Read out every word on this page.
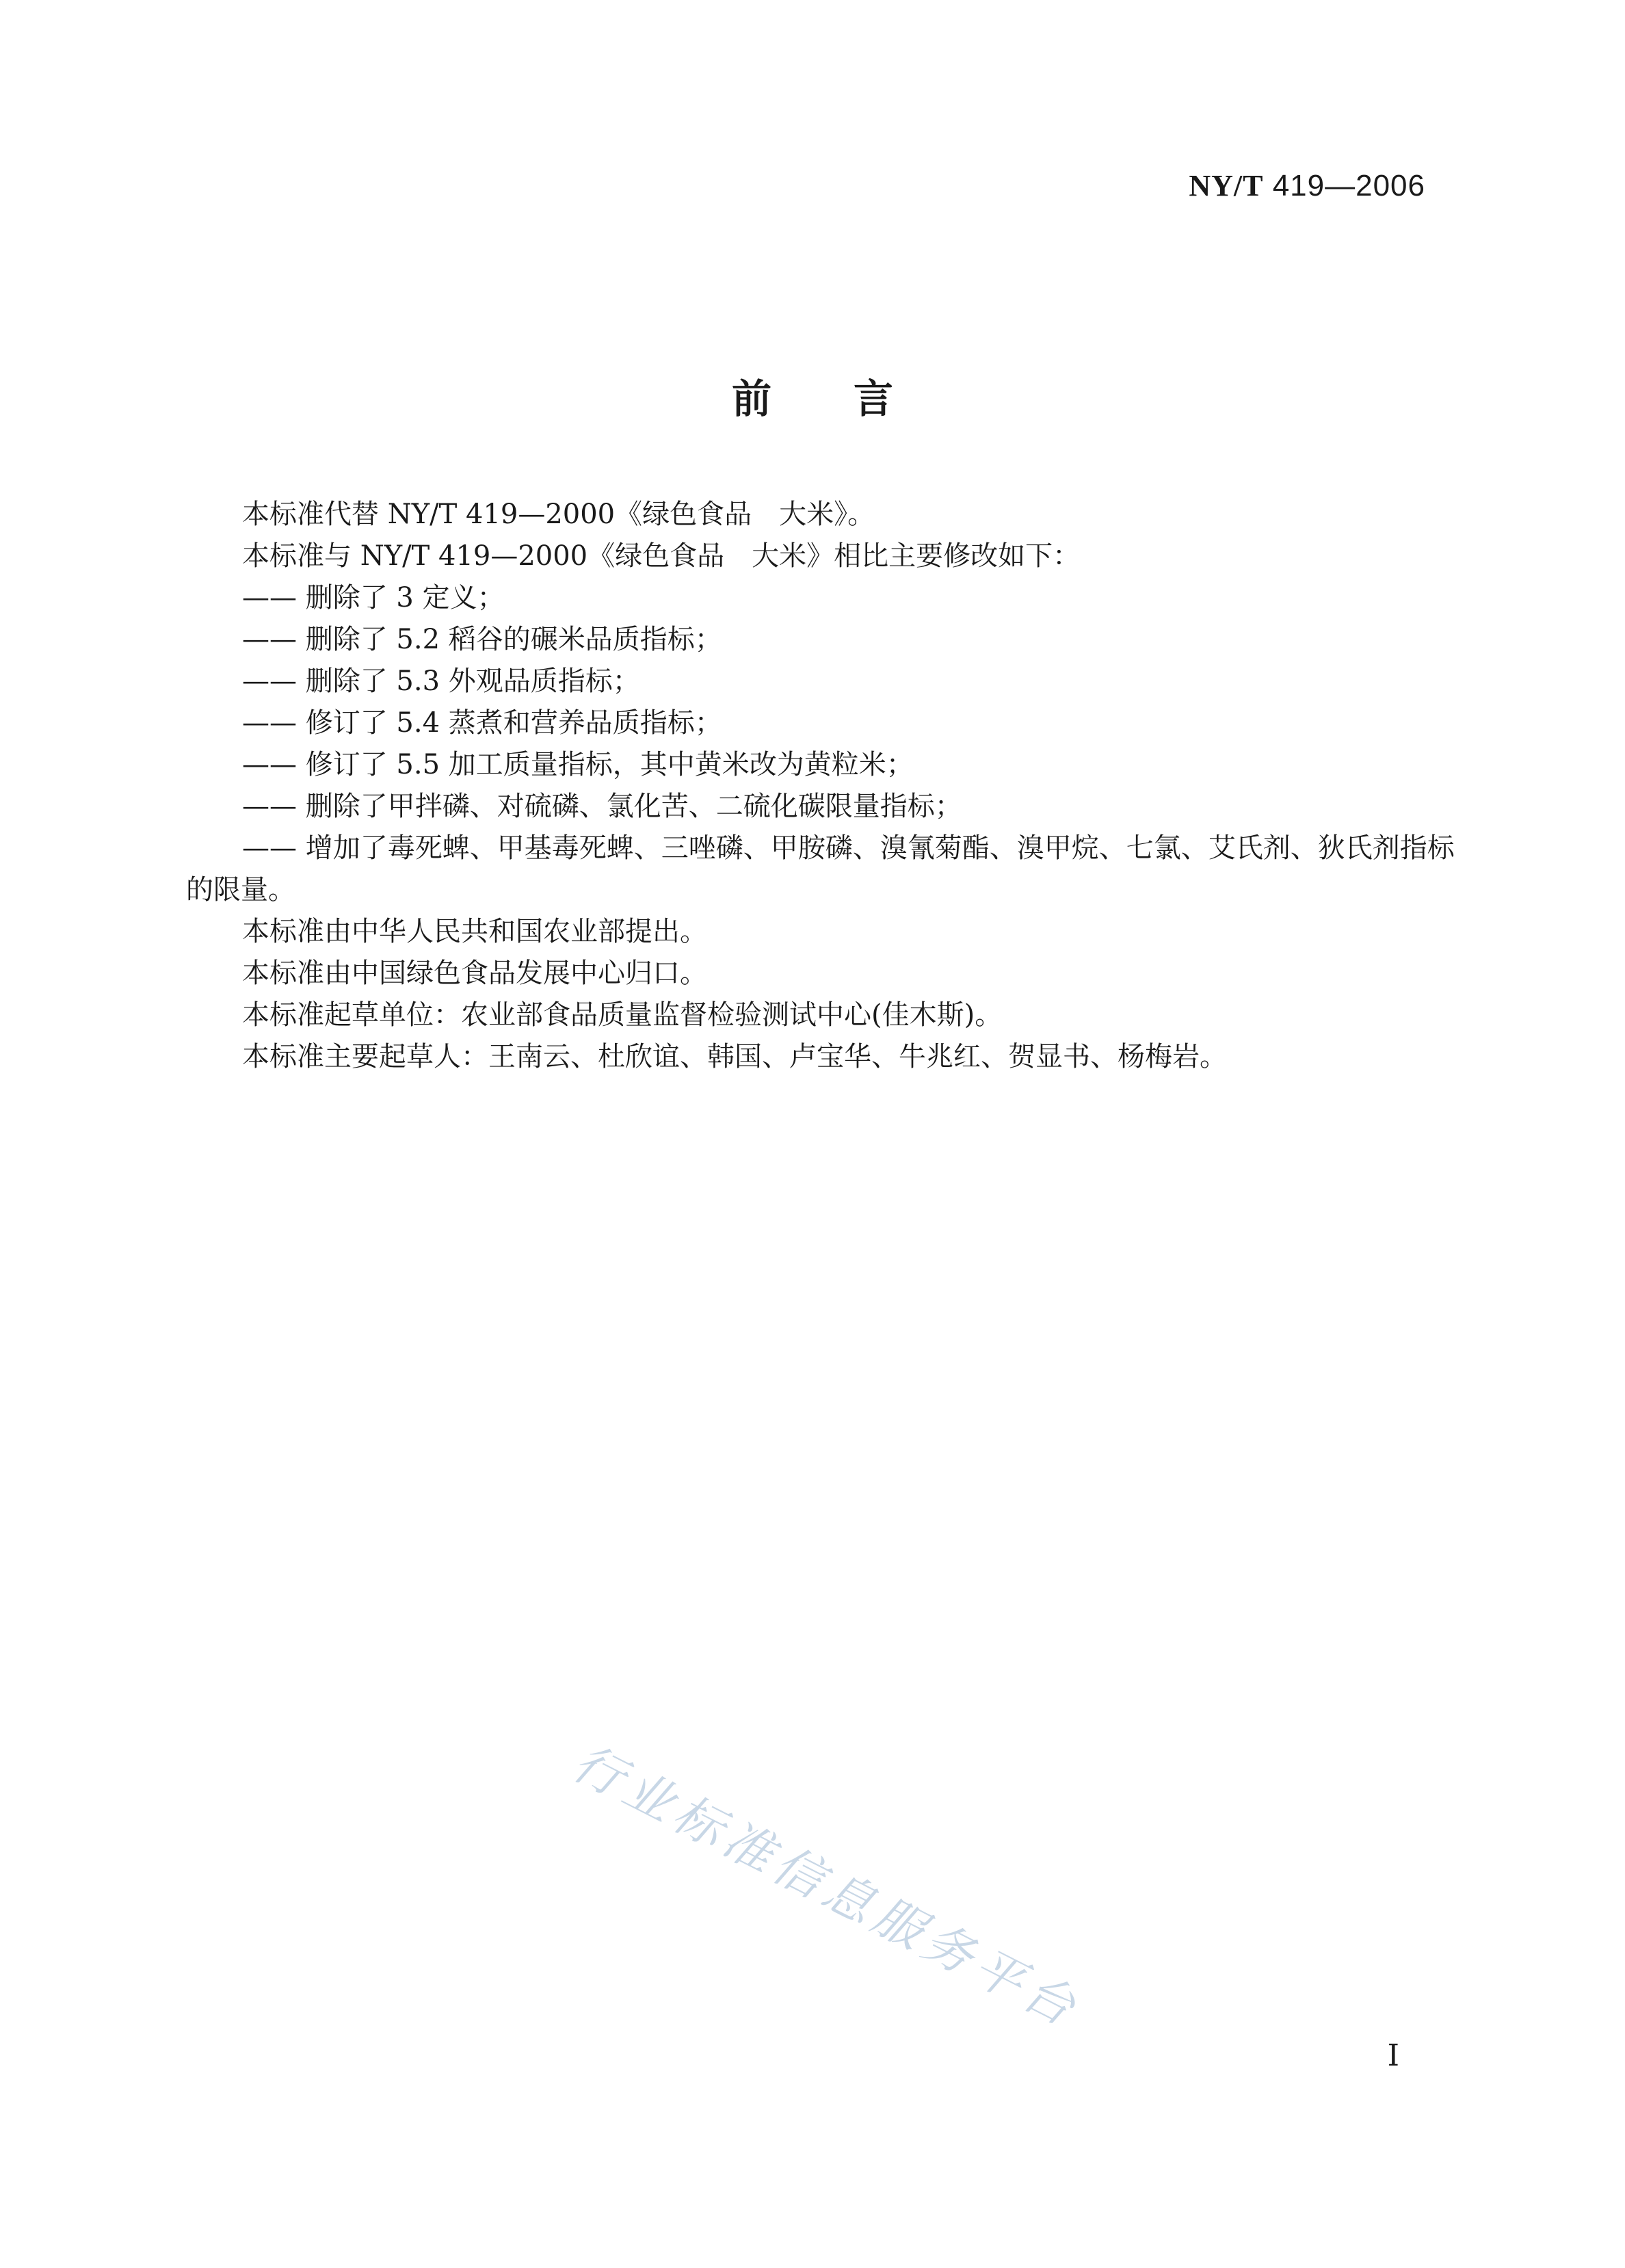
NY/T 419—2006
前言

本标准代替 NY/T 419—2000《绿色食品　大米》。

本标准与 NY/T 419—2000《绿色食品　大米》相比主要修改如下：

—— 删除了 3 定义；

—— 删除了 5.2 稻谷的碾米品质指标；

—— 删除了 5.3 外观品质指标；

—— 修订了 5.4 蒸煮和营养品质指标；

—— 修订了 5.5 加工质量指标，其中黄米改为黄粒米；

—— 删除了甲拌磷、对硫磷、氯化苦、二硫化碳限量指标；

—— 增加了毒死蜱、甲基毒死蜱、三唑磷、甲胺磷、溴氰菊酯、溴甲烷、七氯、艾氏剂、狄氏剂指标的限量。

本标准由中华人民共和国农业部提出。

本标准由中国绿色食品发展中心归口。

本标准起草单位：农业部食品质量监督检验测试中心(佳木斯)。

本标准主要起草人：王南云、杜欣谊、韩国、卢宝华、牛兆红、贺显书、杨梅岩。

行业标准信息服务平台
I
